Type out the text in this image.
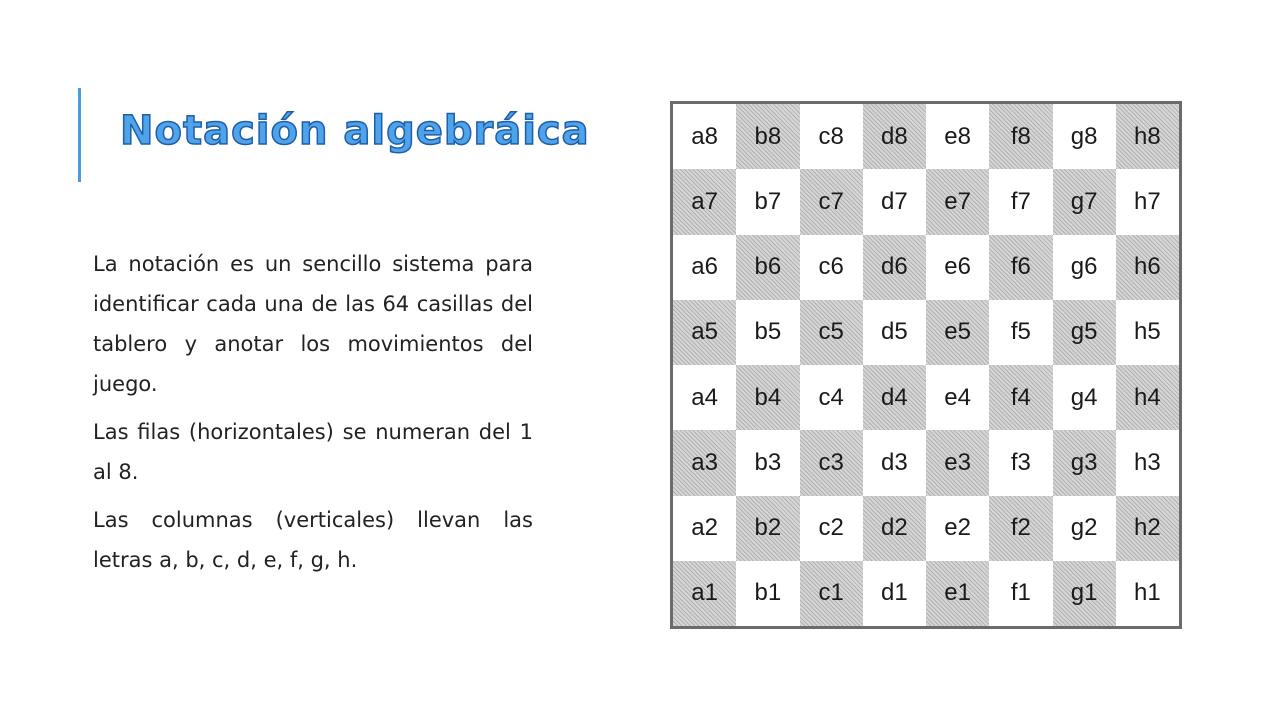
Notación algebráica

La notación es un sencillo sistema para identificar cada una de las 64 casillas del tablero y anotar los movimientos del juego.

Las filas (horizontales) se numeran del 1 al 8.

Las columnas (verticales) llevan las letras a, b, c, d, e, f, g, h.

a8	b8	c8	d8	e8	f8	g8	h8
a7	b7	c7	d7	e7	f7	g7	h7
a6	b6	c6	d6	e6	f6	g6	h6
a5	b5	c5	d5	e5	f5	g5	h5
a4	b4	c4	d4	e4	f4	g4	h4
a3	b3	c3	d3	e3	f3	g3	h3
a2	b2	c2	d2	e2	f2	g2	h2
a1	b1	c1	d1	e1	f1	g1	h1
